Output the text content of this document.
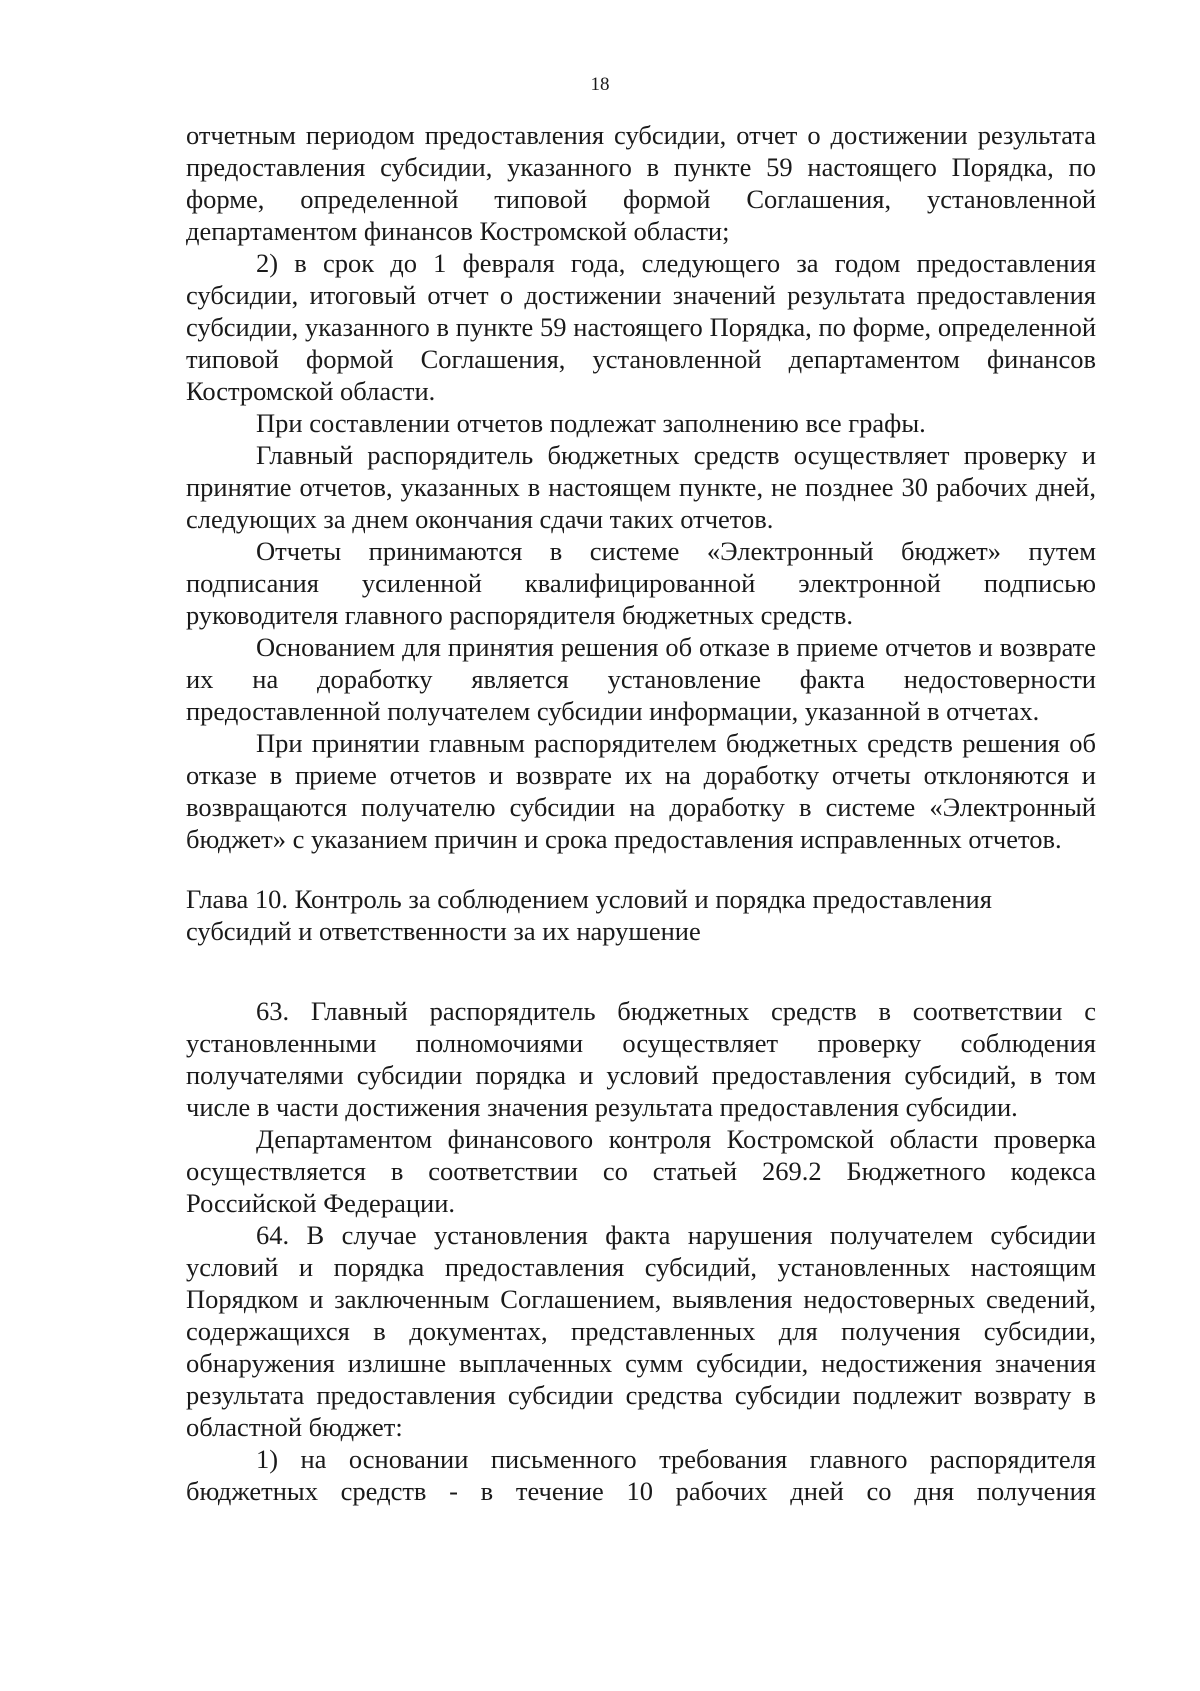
18

отчетным периодом предоставления субсидии, отчет о достижении результата предоставления субсидии, указанного в пункте 59 настоящего Порядка, по форме, определенной типовой формой Соглашения, установленной департаментом финансов Костромской области;

2) в срок до 1 февраля года, следующего за годом предоставления субсидии, итоговый отчет о достижении значений результата предоставления субсидии, указанного в пункте 59 настоящего Порядка, по форме, определенной типовой формой Соглашения, установленной департаментом финансов Костромской области.

При составлении отчетов подлежат заполнению все графы.

Главный распорядитель бюджетных средств осуществляет проверку и принятие отчетов, указанных в настоящем пункте, не позднее 30 рабочих дней, следующих за днем окончания сдачи таких отчетов.

Отчеты принимаются в системе «Электронный бюджет» путем подписания усиленной квалифицированной электронной подписью руководителя главного распорядителя бюджетных средств.

Основанием для принятия решения об отказе в приеме отчетов и возврате их на доработку является установление факта недостоверности предоставленной получателем субсидии информации, указанной в отчетах.

При принятии главным распорядителем бюджетных средств решения об отказе в приеме отчетов и возврате их на доработку отчеты отклоняются и возвращаются получателю субсидии на доработку в системе «Электронный бюджет» с указанием причин и срока предоставления исправленных отчетов.

Глава 10. Контроль за соблюдением условий и порядка предоставления
субсидий и ответственности за их нарушение

63. Главный распорядитель бюджетных средств в соответствии с установленными полномочиями осуществляет проверку соблюдения получателями субсидии порядка и условий предоставления субсидий, в том числе в части достижения значения результата предоставления субсидии.

Департаментом финансового контроля Костромской области проверка осуществляется в соответствии со статьей 269.2 Бюджетного кодекса Российской Федерации.

64. В случае установления факта нарушения получателем субсидии условий и порядка предоставления субсидий, установленных настоящим Порядком и заключенным Соглашением, выявления недостоверных сведений, содержащихся в документах, представленных для получения субсидии, обнаружения излишне выплаченных сумм субсидии, недостижения значения результата предоставления субсидии средства субсидии подлежит возврату в областной бюджет:

1) на основании письменного требования главного распорядителя бюджетных средств - в течение 10 рабочих дней со дня получения
